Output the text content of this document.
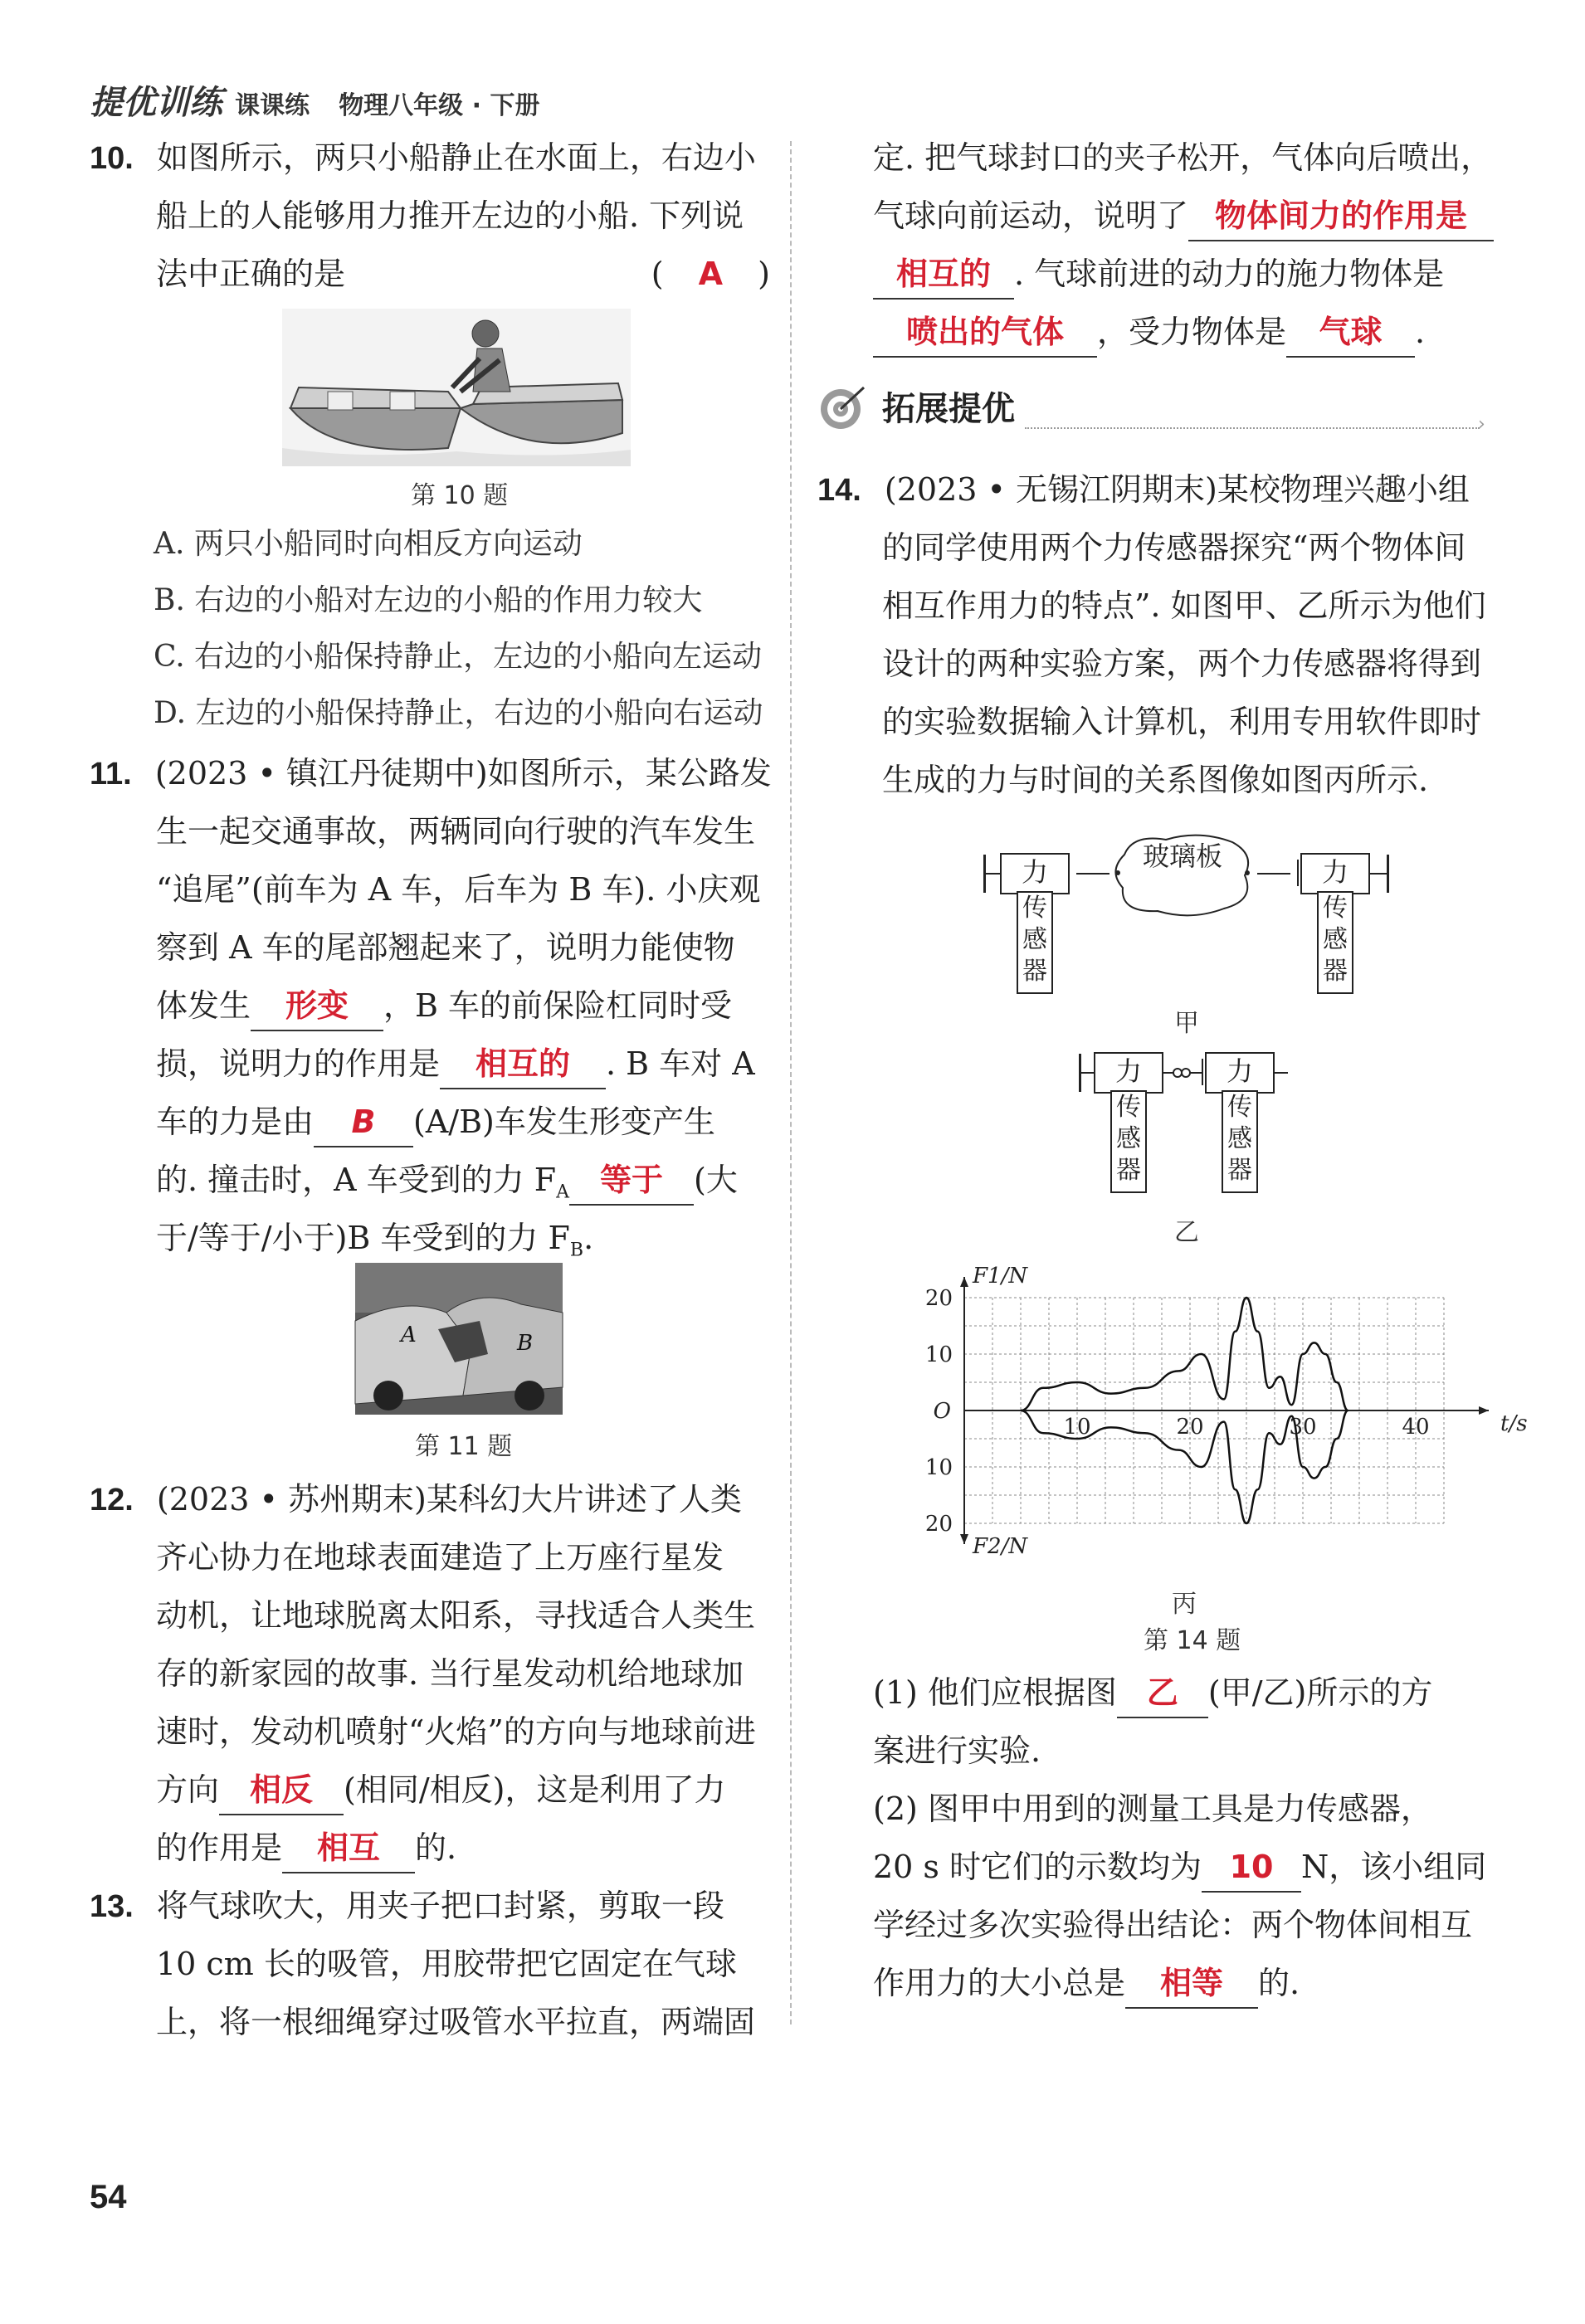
提优训练 课课练 物理八年级 · 下册
10. 如图所示，两只小船静止在水面上，右边小
船上的人能够用力推开左边的小船. 下列说
法中正确的是	( A )
第 10 题
A. 两只小船同时向相反方向运动
B. 右边的小船对左边的小船的作用力较大
C. 右边的小船保持静止，左边的小船向左运动
D. 左边的小船保持静止，右边的小船向右运动
11. (2023 • 镇江丹徒期中)如图所示，某公路发
生一起交通事故，两辆同向行驶的汽车发生
“追尾”(前车为 A 车，后车为 B 车). 小庆观
察到 A 车的尾部翘起来了，说明力能使物
体发生 形变 ，B 车的前保险杠同时受
损，说明力的作用是 相互的 . B 车对 A
车的力是由 B (A/B)车发生形变产生
的. 撞击时，A 车受到的力 $F_A$ 等于 (大
于/等于/小于)B 车受到的力 $F_B$.
A	B
第 11 题
12. (2023 • 苏州期末)某科幻大片讲述了人类
齐心协力在地球表面建造了上万座行星发
动机，让地球脱离太阳系，寻找适合人类生
存的新家园的故事. 当行星发动机给地球加
速时，发动机喷射“火焰”的方向与地球前进
方向 相反 (相同/相反)，这是利用了力
的作用是 相互 的.
13. 将气球吹大，用夹子把口封紧，剪取一段
10 cm 长的吸管，用胶带把它固定在气球
上，将一根细绳穿过吸管水平拉直，两端固
54
定. 把气球封口的夹子松开，气体向后喷出，
气球向前运动，说明了 物体间力的作用是
相互的 . 气球前进的动力的施力物体是
喷出的气体 ，受力物体是 气球 .
拓展提优	›
14. (2023 • 无锡江阴期末)某校物理兴趣小组
的同学使用两个力传感器探究“两个物体间
相互作用力的特点”. 如图甲、乙所示为他们
设计的两种实验方案，两个力传感器将得到
的实验数据输入计算机，利用专用软件即时
生成的力与时间的关系图像如图丙所示.
力
传感器
玻璃板	力
传感器
甲
力
传感器
力
传感器
乙
10	20	30	40
10
20
10
20
O	t/s
F1/N
F2/N
丙
第 14 题
(1) 他们应根据图 乙 (甲/乙)所示的方
案进行实验.
(2) 图甲中用到的测量工具是力传感器，
20 s 时它们的示数均为 10 N，该小组同
学经过多次实验得出结论：两个物体间相互
作用力的大小总是 相等 的.
